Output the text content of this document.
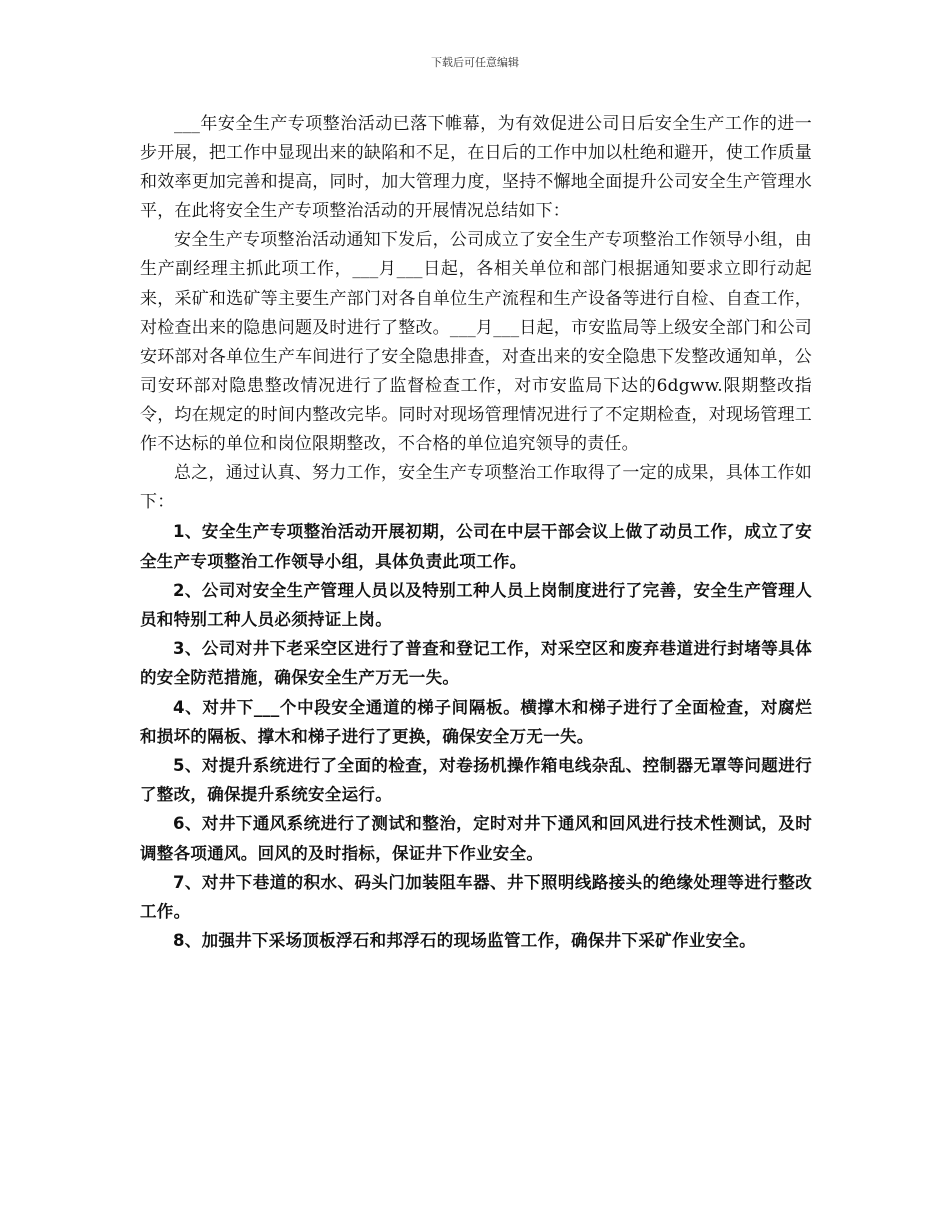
下载后可任意编辑

___年安全生产专项整治活动已落下帷幕，为有效促进公司日后安全生产工作的进一步开展，把工作中显现出来的缺陷和不足，在日后的工作中加以杜绝和避开，使工作质量和效率更加完善和提高，同时，加大管理力度，坚持不懈地全面提升公司安全生产管理水平，在此将安全生产专项整治活动的开展情况总结如下：

安全生产专项整治活动通知下发后，公司成立了安全生产专项整治工作领导小组，由生产副经理主抓此项工作，___月___日起，各相关单位和部门根据通知要求立即行动起来，采矿和选矿等主要生产部门对各自单位生产流程和生产设备等进行自检、自查工作，对检查出来的隐患问题及时进行了整改。___月___日起，市安监局等上级安全部门和公司安环部对各单位生产车间进行了安全隐患排查，对查出来的安全隐患下发整改通知单，公司安环部对隐患整改情况进行了监督检查工作，对市安监局下达的6dgww.限期整改指令，均在规定的时间内整改完毕。同时对现场管理情况进行了不定期检查，对现场管理工作不达标的单位和岗位限期整改，不合格的单位追究领导的责任。

总之，通过认真、努力工作，安全生产专项整治工作取得了一定的成果，具体工作如下：

1、安全生产专项整治活动开展初期，公司在中层干部会议上做了动员工作，成立了安全生产专项整治工作领导小组，具体负责此项工作。

2、公司对安全生产管理人员以及特别工种人员上岗制度进行了完善，安全生产管理人员和特别工种人员必须持证上岗。

3、公司对井下老采空区进行了普查和登记工作，对采空区和废弃巷道进行封堵等具体的安全防范措施，确保安全生产万无一失。

4、对井下___个中段安全通道的梯子间隔板。横撑木和梯子进行了全面检查，对腐烂和损坏的隔板、撑木和梯子进行了更换，确保安全万无一失。

5、对提升系统进行了全面的检查，对卷扬机操作箱电线杂乱、控制器无罩等问题进行了整改，确保提升系统安全运行。

6、对井下通风系统进行了测试和整治，定时对井下通风和回风进行技术性测试，及时调整各项通风。回风的及时指标，保证井下作业安全。

7、对井下巷道的积水、码头门加装阻车器、井下照明线路接头的绝缘处理等进行整改工作。

8、加强井下采场顶板浮石和邦浮石的现场监管工作，确保井下采矿作业安全。
